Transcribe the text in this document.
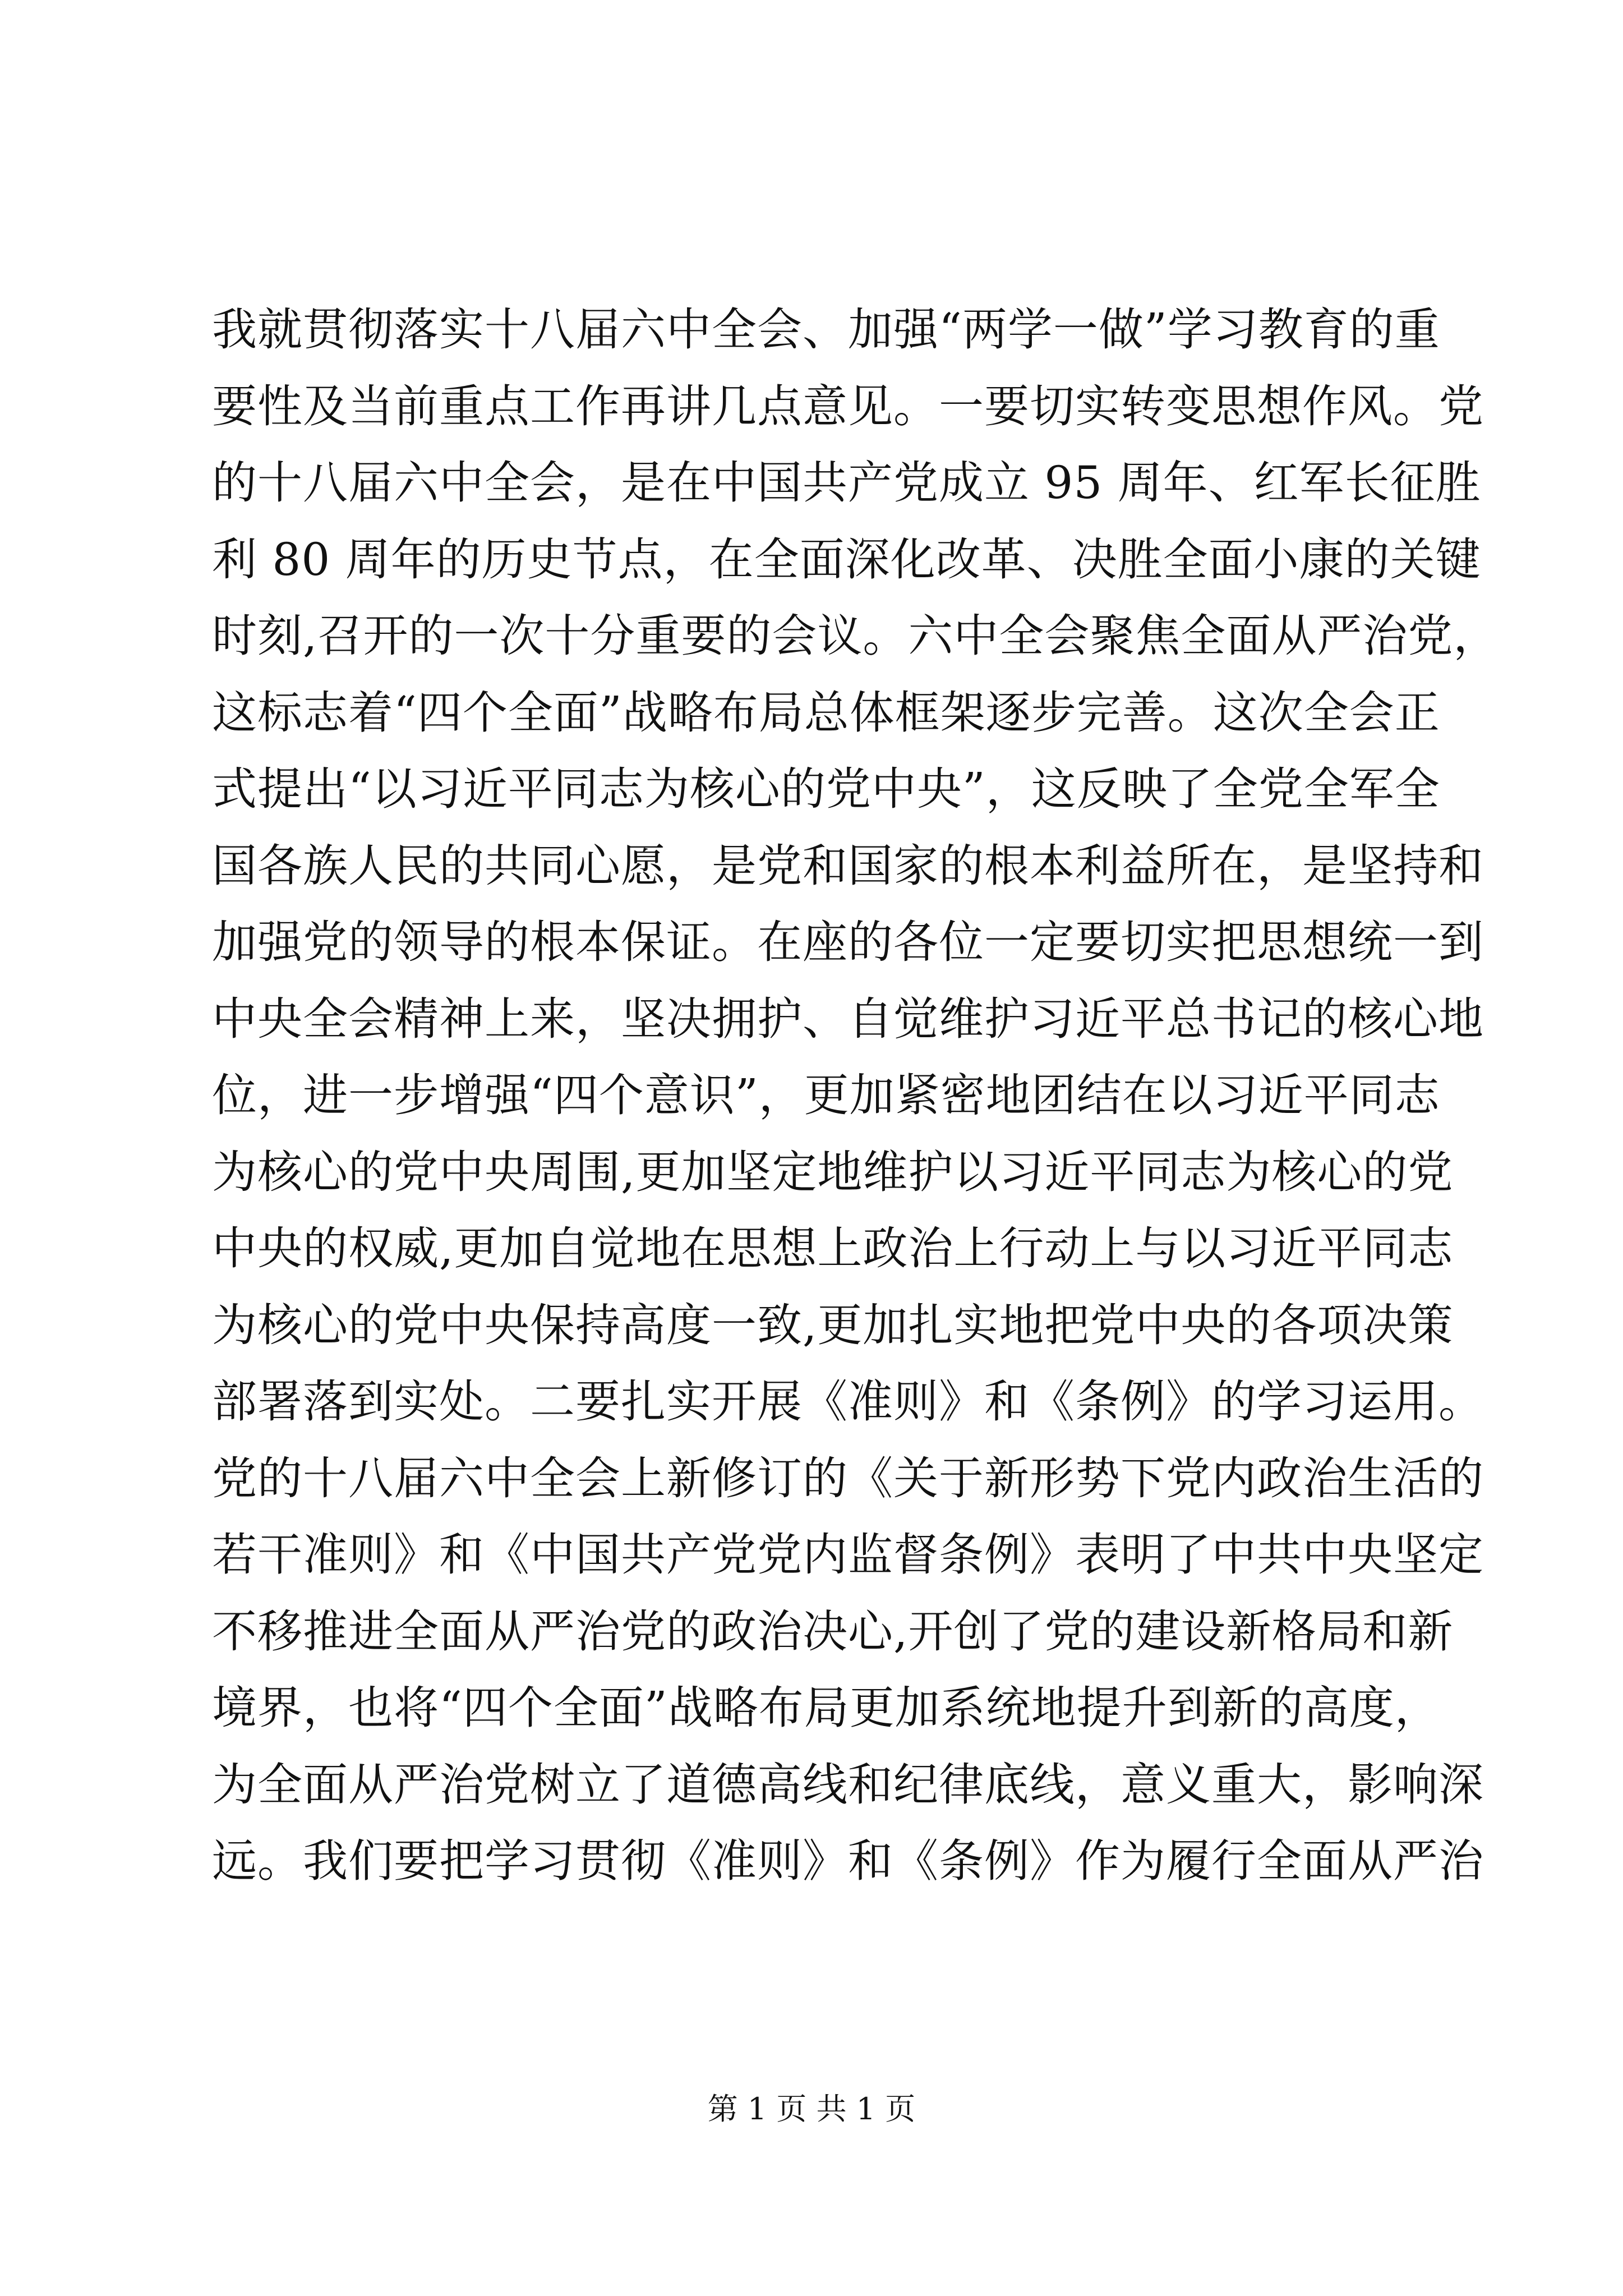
我就贯彻落实十八届六中全会、加强“两学一做”学习教育的重
要性及当前重点工作再讲几点意见。一要切实转变思想作风。党
的十八届六中全会，是在中国共产党成立 95 周年、红军长征胜
利 80 周年的历史节点，在全面深化改革、决胜全面小康的关键
时刻,召开的一次十分重要的会议。六中全会聚焦全面从严治党，
这标志着“四个全面”战略布局总体框架逐步完善。这次全会正
式提出“以习近平同志为核心的党中央”，这反映了全党全军全
国各族人民的共同心愿，是党和国家的根本利益所在，是坚持和
加强党的领导的根本保证。在座的各位一定要切实把思想统一到
中央全会精神上来，坚决拥护、自觉维护习近平总书记的核心地
位，进一步增强“四个意识”，更加紧密地团结在以习近平同志
为核心的党中央周围,更加坚定地维护以习近平同志为核心的党
中央的权威,更加自觉地在思想上政治上行动上与以习近平同志
为核心的党中央保持高度一致,更加扎实地把党中央的各项决策
部署落到实处。二要扎实开展《准则》和《条例》的学习运用。
党的十八届六中全会上新修订的《关于新形势下党内政治生活的
若干准则》和《中国共产党党内监督条例》表明了中共中央坚定
不移推进全面从严治党的政治决心,开创了党的建设新格局和新
境界，也将“四个全面”战略布局更加系统地提升到新的高度，
为全面从严治党树立了道德高线和纪律底线，意义重大，影响深
远。我们要把学习贯彻《准则》和《条例》作为履行全面从严治
第 1 页 共 1 页
